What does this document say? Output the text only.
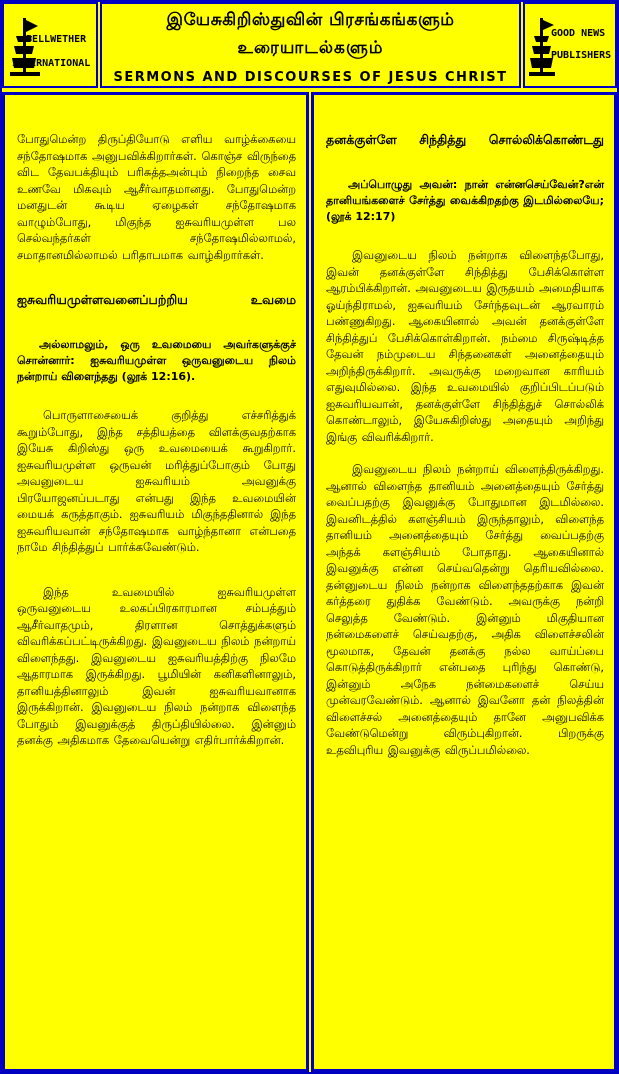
BELLWETHER
INTERNATIONAL
இயேசுகிறிஸ்துவின் பிரசங்கங்களும்
உரையாடல்களும்
SERMONS AND DISCOURSES OF JESUS CHRIST
GOOD NEWS
PUBLISHERS

போதுமென்ற திருப்தியோடு எளிய வாழ்க்கையை சந்தோஷமாக அனுபவிக்கிறார்கள். கொஞ்ச விருந்தை விட தேவபக்தியும் பரிசுத்தஅன்பும் நிறைந்த சைவ உணவே மிகவும் ஆசீர்வாதமானது. போதுமென்ற மனதுடன் கூடிய ஏழைகள் சந்தோஷமாக வாழும்போது, மிகுந்த ஐசுவரியமுள்ள பல செல்வந்தர்கள் சந்தோஷமில்லாமல், சமாதானமில்லாமல் பரிதாபமாக வாழ்கிறார்கள்.

ஐசுவரியமுள்ளவனைப்பற்றிய உவமை

அல்லாமலும், ஒரு உவமையை அவர்களுக்குச் சொன்னார்: ஐசுவரியமுள்ள ஒருவனுடைய நிலம் நன்றாய் விளைந்தது (லூக் 12:16).

பொருளாசையைக் குறித்து எச்சரித்துக் கூறும்போது, இந்த சத்தியத்தை விளக்குவதற்காக இயேசு கிறிஸ்து ஒரு உவமையைக் கூறுகிறார். ஐசுவரியமுள்ள ஒருவன் மரித்துப்போகும் போது அவனுடைய ஐசுவரியம் அவனுக்கு பிரயோஜனப்படாது என்பது இந்த உவமையின் மையக் கருத்தாகும். ஐசுவரியம் மிகுந்ததினால் இந்த ஐசுவரியவான் சந்தோஷமாக வாழ்ந்தானா என்பதை நாமே சிந்தித்துப் பார்க்கவேண்டும்.

இந்த உவமையில் ஐசுவரியமுள்ள ஒருவனுடைய உலகப்பிரகாரமான சம்பத்தும் ஆசீர்வாதமும், திரளான சொத்துக்களும் விவரிக்கப்பட்டிருக்கிறது. இவனுடைய நிலம் நன்றாய் விளைந்தது. இவனுடைய ஐசுவரியத்திற்கு நிலமே ஆதாரமாக இருக்கிறது. பூமியின் கனிகளினாலும், தானியத்தினாலும் இவன் ஐசுவரியவானாக இருக்கிறான். இவனுடைய நிலம் நன்றாக விளைந்த போதும் இவனுக்குத் திருப்தியில்லை. இன்னும் தனக்கு அதிகமாக தேவையென்று எதிர்பார்க்கிறான்.

தனக்குள்ளே சிந்தித்து சொல்லிக்கொண்டது

அப்பொழுது அவன்: நான் என்னசெய்வேன்?என் தானியங்களைச் சேர்த்து வைக்கிறதற்கு இடமில்லையே; (லூக் 12:17)

இவனுடைய நிலம் நன்றாக விளைந்தபோது, இவன் தனக்குள்ளே சிந்தித்து பேசிக்கொள்ள ஆரம்பிக்கிறான். அவனுடைய இருதயம் அமைதியாக ஓய்ந்திராமல், ஐசுவரியம் சேர்ந்தவுடன் ஆரவாரம் பண்ணுகிறது. ஆகையினால் அவன் தனக்குள்ளே சிந்தித்துப் பேசிக்கொள்கிறான். நம்மை சிருஷ்டித்த தேவன் நம்முடைய சிந்தனைகள் அனைத்தையும் அறிந்திருக்கிறார். அவருக்கு மறைவான காரியம் எதுவுமில்லை. இந்த உவமையில் குறிப்பிடப்படும் ஐசுவரியவான், தனக்குள்ளே சிந்தித்துச் சொல்லிக் கொண்டாலும், இயேசுகிறிஸ்து அதையும் அறிந்து இங்கு விவரிக்கிறார்.

இவனுடைய நிலம் நன்றாய் விளைந்திருக்கிறது. ஆனால் விளைந்த தானியம் அனைத்தையும் சேர்த்து வைப்பதற்கு இவனுக்கு போதுமான இடமில்லை. இவனிடத்தில் களஞ்சியம் இருந்தாலும், விளைந்த தானியம் அனைத்தையும் சேர்த்து வைப்பதற்கு அந்தக் களஞ்சியம் போதாது. ஆகையினால் இவனுக்கு என்ன செய்வதென்று தெரியவில்லை. தன்னுடைய நிலம் நன்றாக விளைந்ததற்காக இவன் கர்த்தரை துதிக்க வேண்டும். அவருக்கு நன்றி செலுத்த வேண்டும். இன்னும் மிகுதியான நன்மைகளைச் செய்வதற்கு, அதிக விளைச்சலின் மூலமாக, தேவன் தனக்கு நல்ல வாய்ப்பை கொடுத்திருக்கிறார் என்பதை புரிந்து கொண்டு, இன்னும் அநேக நன்மைகளைச் செய்ய முன்வரவேண்டும். ஆனால் இவனோ தன் நிலத்தின் விளைச்சல் அனைத்தையும் தானே அனுபவிக்க வேண்டுமென்று விரும்புகிறான். பிறருக்கு உதவிபுரிய இவனுக்கு விருப்பமில்லை.
